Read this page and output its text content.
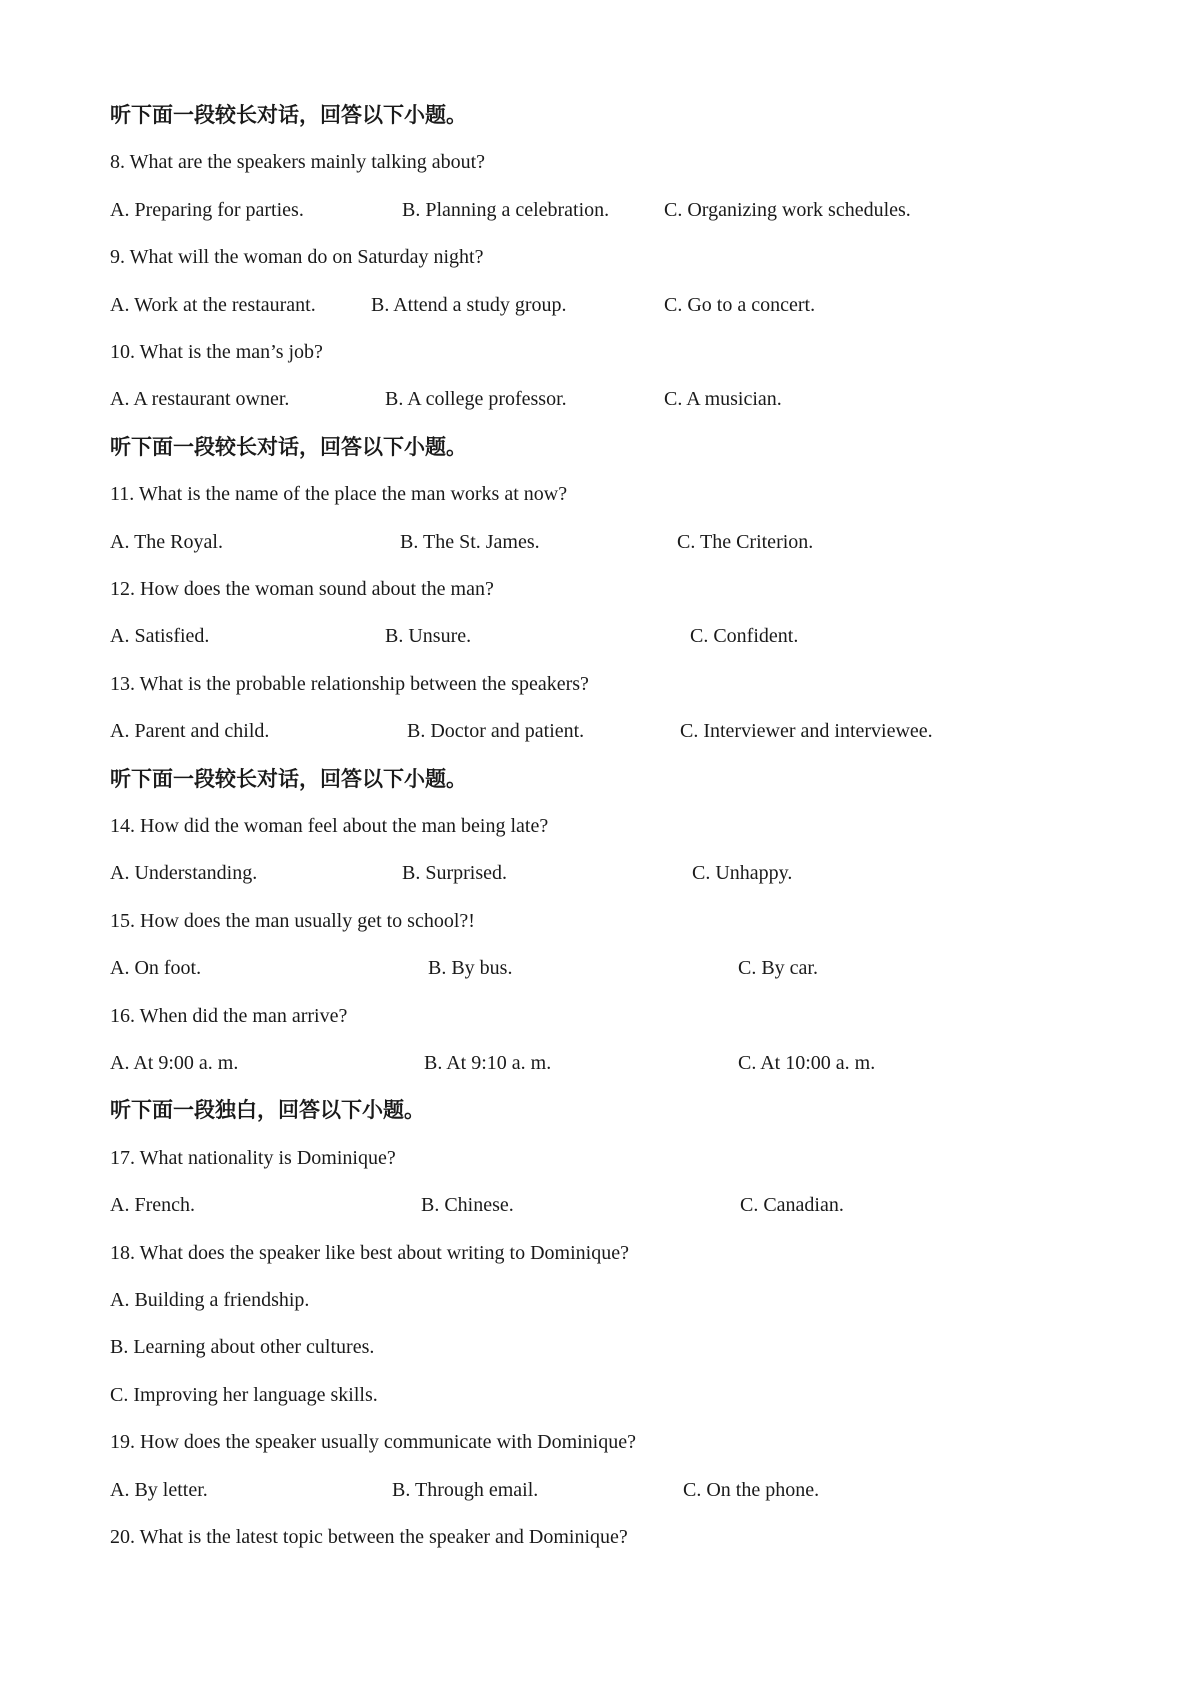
听下面一段较长对话，回答以下小题。
8. What are the speakers mainly talking about?
A. Preparing for parties.	B. Planning a celebration.	C. Organizing work schedules.
9. What will the woman do on Saturday night?
A. Work at the restaurant.	B. Attend a study group.	C. Go to a concert.
10. What is the man’s job?
A. A restaurant owner.	B. A college professor.	C. A musician.
听下面一段较长对话，回答以下小题。
11. What is the name of the place the man works at now?
A. The Royal.	B. The St. James.	C. The Criterion.
12. How does the woman sound about the man?
A. Satisfied.	B. Unsure.	C. Confident.
13. What is the probable relationship between the speakers?
A. Parent and child.	B. Doctor and patient.	C. Interviewer and interviewee.
听下面一段较长对话，回答以下小题。
14. How did the woman feel about the man being late?
A. Understanding.	B. Surprised.	C. Unhappy.
15. How does the man usually get to school?!
A. On foot.	B. By bus.	C. By car.
16. When did the man arrive?
A. At 9:00 a. m.	B. At 9:10 a. m.	C. At 10:00 a. m.
听下面一段独白，回答以下小题。
17. What nationality is Dominique?
A. French.	B. Chinese.	C. Canadian.
18. What does the speaker like best about writing to Dominique?
A. Building a friendship.
B. Learning about other cultures.
C. Improving her language skills.
19. How does the speaker usually communicate with Dominique?
A. By letter.	B. Through email.	C. On the phone.
20. What is the latest topic between the speaker and Dominique?
